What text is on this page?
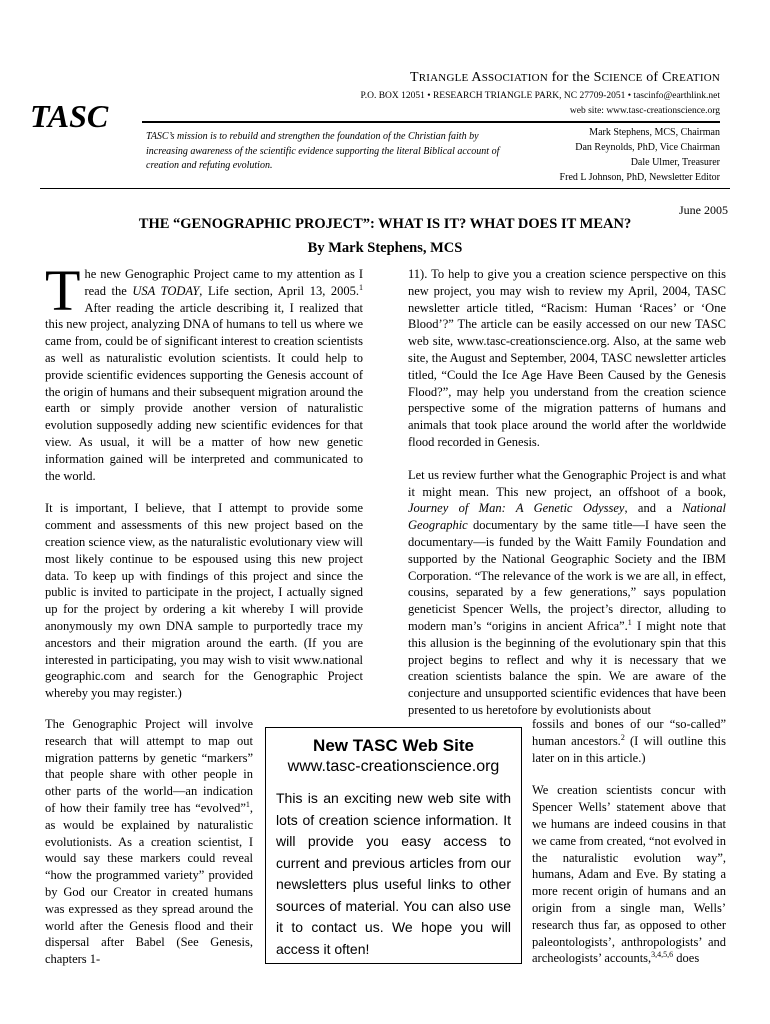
TRIANGLE ASSOCIATION for the SCIENCE of CREATION
P.O. BOX 12051 • RESEARCH TRIANGLE PARK, NC 27709-2051 • tascinfo@earthlink.net
web site: www.tasc-creationscience.org
TASC
TASC’s mission is to rebuild and strengthen the foundation of the Christian faith by increasing awareness of the scientific evidence supporting the literal Biblical account of creation and refuting evolution.
Mark Stephens, MCS, Chairman
Dan Reynolds, PhD, Vice Chairman
Dale Ulmer, Treasurer
Fred L Johnson, PhD, Newsletter Editor
June 2005
THE “GENOGRAPHIC PROJECT”: WHAT IS IT? WHAT DOES IT MEAN?
By Mark Stephens, MCS

The new Genographic Project came to my attention as I read the USA TODAY, Life section, April 13, 2005.$^1$ After reading the article describing it, I realized that this new project, analyzing DNA of humans to tell us where we came from, could be of significant interest to creation scientists as well as naturalistic evolution scientists. It could help to provide scientific evidences supporting the Genesis account of the origin of humans and their subsequent migration around the earth or simply provide another version of naturalistic evolution supposedly adding new scientific evidences for that view. As usual, it will be a matter of how new genetic information gained will be interpreted and communicated to the world.

It is important, I believe, that I attempt to provide some comment and assessments of this new project based on the creation science view, as the naturalistic evolutionary view will most likely continue to be espoused using this new project data. To keep up with findings of this project and since the public is invited to participate in the project, I actually signed up for the project by ordering a kit whereby I will provide anonymously my own DNA sample to purportedly trace my ancestors and their migration around the earth. (If you are interested in participating, you may wish to visit www.national geographic.com and search for the Genographic Project whereby you may register.)

The Genographic Project will involve research that will attempt to map out migration patterns by genetic “markers” that people share with other people in other parts of the world—an indication of how their family tree has “evolved”$^1$, as would be explained by naturalistic evolutionists. As a creation scientist, I would say these markers could reveal “how the programmed variety” provided by God our Creator in created humans was expressed as they spread around the world after the Genesis flood and their dispersal after Babel (See Genesis, chapters 1-

11). To help to give you a creation science perspective on this new project, you may wish to review my April, 2004, TASC newsletter article titled, “Racism: Human ‘Races’ or ‘One Blood’?” The article can be easily accessed on our new TASC web site, www.tasc-creationscience.org. Also, at the same web site, the August and September, 2004, TASC newsletter articles titled, “Could the Ice Age Have Been Caused by the Genesis Flood?”, may help you understand from the creation science perspective some of the migration patterns of humans and animals that took place around the world after the worldwide flood recorded in Genesis.

Let us review further what the Genographic Project is and what it might mean. This new project, an offshoot of a book, Journey of Man: A Genetic Odyssey, and a National Geographic documentary by the same title—I have seen the documentary—is funded by the Waitt Family Foundation and supported by the National Geographic Society and the IBM Corporation. “The relevance of the work is we are all, in effect, cousins, separated by a few generations,” says population geneticist Spencer Wells, the project’s director, alluding to modern man’s “origins in ancient Africa”.$^1$ I might note that this allusion is the beginning of the evolutionary spin that this project begins to reflect and why it is necessary that we creation scientists balance the spin. We are aware of the conjecture and unsupported scientific evidences that have been presented to us heretofore by evolutionists about

fossils and bones of our “so-called” human ancestors.$^2$ (I will outline this later on in this article.)

We creation scientists concur with Spencer Wells’ statement above that we humans are indeed cousins in that we came from created, “not evolved in the naturalistic evolution way”, humans, Adam and Eve. By stating a more recent origin of humans and an origin from a single man, Wells’ research thus far, as opposed to other paleontologists’, anthropologists’ and archeologists’ accounts,$^{3,4,5,6}$ does

New TASC Web Site
www.tasc-creationscience.org
This is an exciting new web site with lots of creation science information. It will provide you easy access to current and previous articles from our newsletters plus useful links to other sources of material. You can also use it to contact us. We hope you will access it often!
